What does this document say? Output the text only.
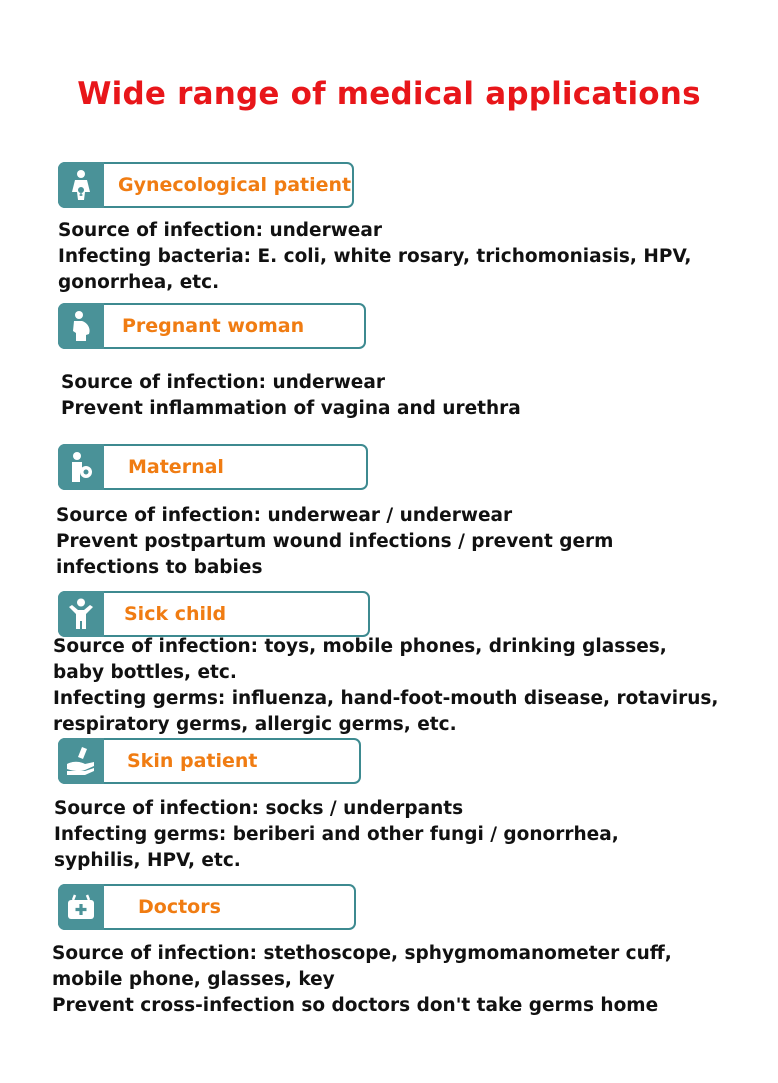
Wide range of medical applications
Gynecological patient
Source of infection: underwear
Infecting bacteria: E. coli, white rosary, trichomoniasis, HPV,
gonorrhea, etc.
Pregnant woman
Source of infection: underwear
Prevent inflammation of vagina and urethra
Maternal
Source of infection: underwear / underwear
Prevent postpartum wound infections / prevent germ
infections to babies
Sick child
Source of infection: toys, mobile phones, drinking glasses,
baby bottles, etc.
Infecting germs: influenza, hand-foot-mouth disease, rotavirus,
respiratory germs, allergic germs, etc.
Skin patient
Source of infection: socks / underpants
Infecting germs: beriberi and other fungi / gonorrhea,
syphilis, HPV, etc.
Doctors
Source of infection: stethoscope, sphygmomanometer cuff,
mobile phone, glasses, key
Prevent cross-infection so doctors don't take germs home
